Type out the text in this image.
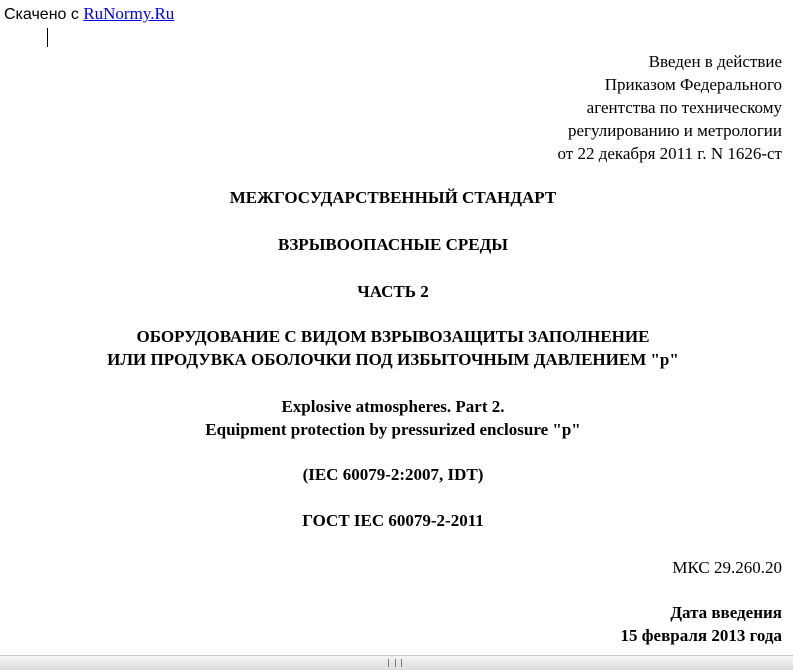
Скачено с RuNormy.Ru
Введен в действие
Приказом Федерального
агентства по техническому
регулированию и метрологии
от 22 декабря 2011 г. N 1626-ст
МЕЖГОСУДАРСТВЕННЫЙ СТАНДАРТ
ВЗРЫВООПАСНЫЕ СРЕДЫ
ЧАСТЬ 2
ОБОРУДОВАНИЕ С ВИДОМ ВЗРЫВОЗАЩИТЫ ЗАПОЛНЕНИЕ
ИЛИ ПРОДУВКА ОБОЛОЧКИ ПОД ИЗБЫТОЧНЫМ ДАВЛЕНИЕМ "p"
Explosive atmospheres. Part 2.
Equipment protection by pressurized enclosure "p"
(IEC 60079-2:2007, IDT)
ГОСТ IEC 60079-2-2011
МКС 29.260.20
Дата введения
15 февраля 2013 года
